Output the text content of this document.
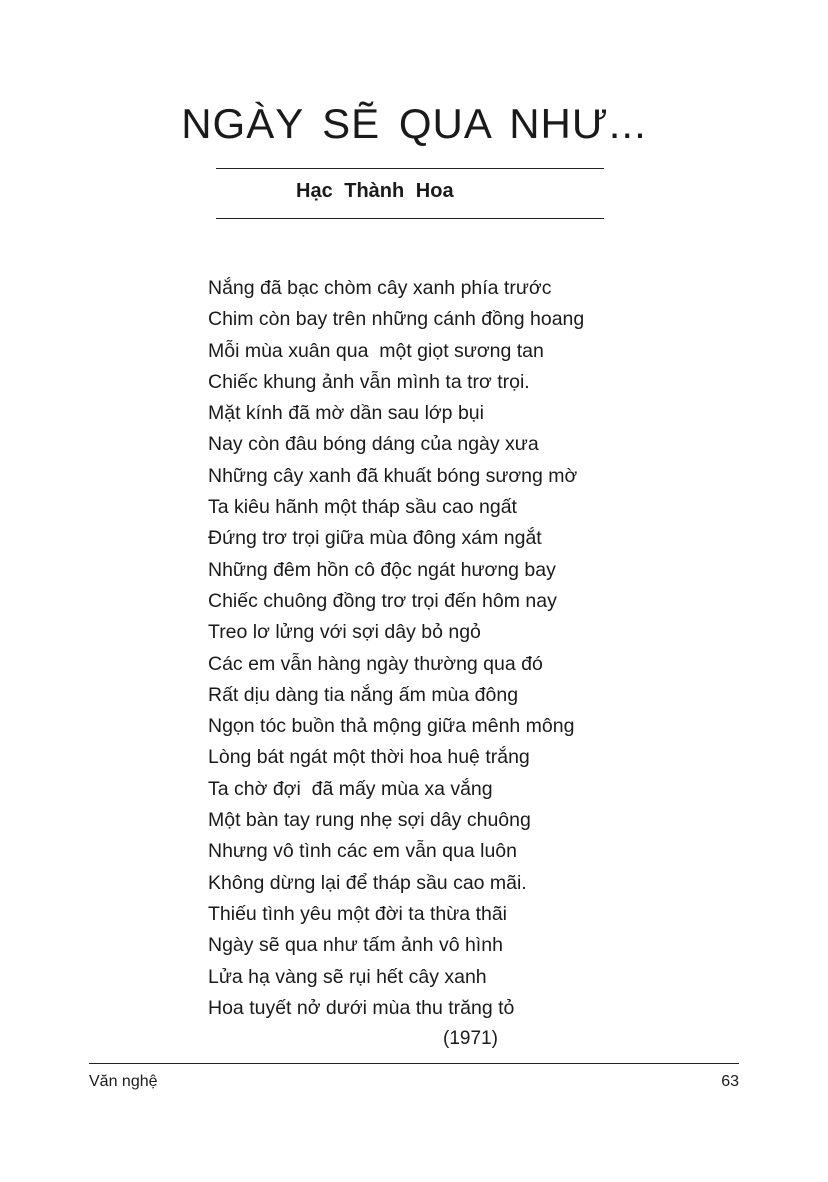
NGÀY SẼ QUA NHƯ...

Hạc Thành Hoa

Nắng đã bạc chòm cây xanh phía trước
Chim còn bay trên những cánh đồng hoang
Mỗi mùa xuân qua  một giọt sương tan
Chiếc khung ảnh vẫn mình ta trơ trọi.
Mặt kính đã mờ dần sau lớp bụi
Nay còn đâu bóng dáng của ngày xưa
Những cây xanh đã khuất bóng sương mờ
Ta kiêu hãnh một tháp sầu cao ngất
Đứng trơ trọi giữa mùa đông xám ngắt
Những đêm hồn cô độc ngát hương bay
Chiếc chuông đồng trơ trọi đến hôm nay
Treo lơ lửng với sợi dây bỏ ngỏ
Các em vẫn hàng ngày thường qua đó
Rất dịu dàng tia nắng ấm mùa đông
Ngọn tóc buồn thả mộng giữa mênh mông
Lòng bát ngát một thời hoa huệ trắng
Ta chờ đợi  đã mấy mùa xa vắng
Một bàn tay rung nhẹ sợi dây chuông
Nhưng vô tình các em vẫn qua luôn
Không dừng lại để tháp sầu cao mãi.
Thiếu tình yêu một đời ta thừa thãi
Ngày sẽ qua như tấm ảnh vô hình
Lửa hạ vàng sẽ rụi hết cây xanh
Hoa tuyết nở dưới mùa thu trăng tỏ
(1971)
Văn nghệ	63
